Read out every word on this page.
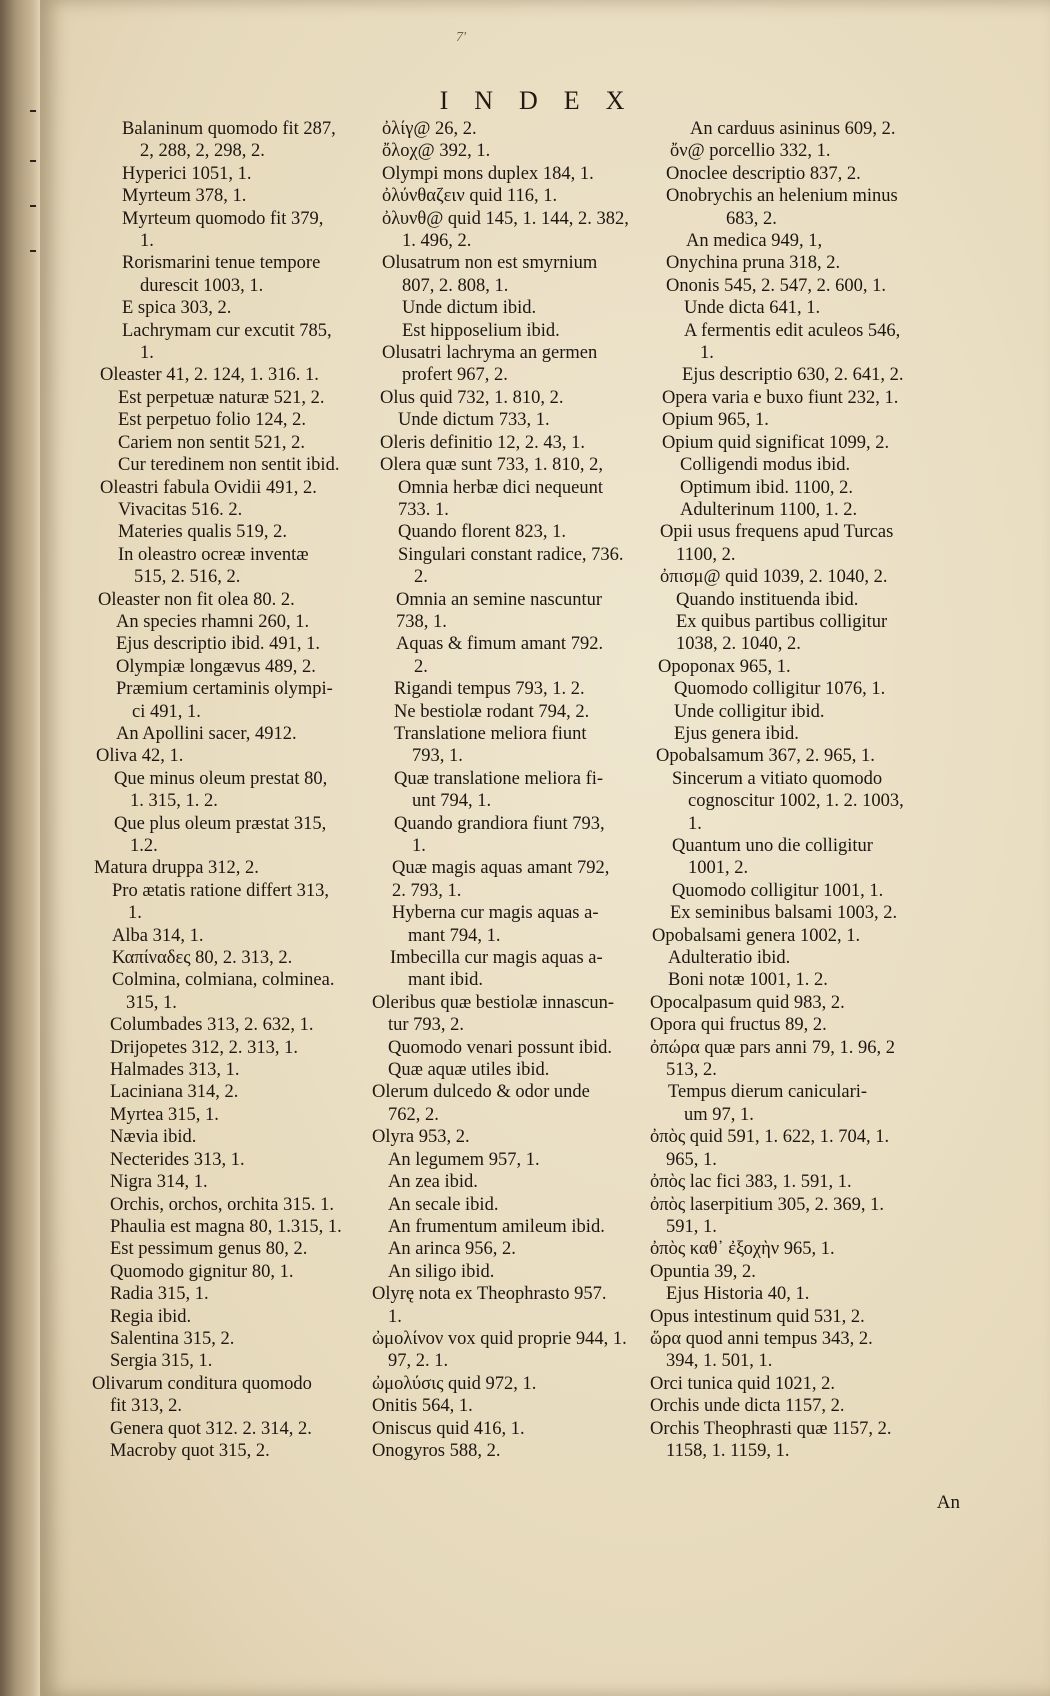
7'
INDEX
Balaninum quomodo fit 287,
2, 288, 2, 298, 2.
Hyperici 1051, 1.
Myrteum 378, 1.
Myrteum quomodo fit 379,
1.
Rorismarini tenue tempore
durescit 1003, 1.
E spica 303, 2.
Lachrymam cur excutit 785,
1.
Oleaster 41, 2. 124, 1. 316. 1.
Est perpetuæ naturæ 521, 2.
Est perpetuo folio 124, 2.
Cariem non sentit 521, 2.
Cur teredinem non sentit ibid.
Oleastri fabula Ovidii 491, 2.
Vivacitas 516. 2.
Materies qualis 519, 2.
In oleastro ocreæ inventæ
515, 2. 516, 2.
Oleaster non fit olea 80. 2.
An species rhamni 260, 1.
Ejus descriptio ibid. 491, 1.
Olympiæ longævus 489, 2.
Præmium certaminis olympi-
ci 491, 1.
An Apollini sacer, 4912.
Oliva 42, 1.
Que minus oleum prestat 80,
1. 315, 1. 2.
Que plus oleum præstat 315,
1.2.
Matura druppa 312, 2.
Pro ætatis ratione differt 313,
1.
Alba 314, 1.
Καπίναδες 80, 2. 313, 2.
Colmina, colmiana, colminea.
315, 1.
Columbades 313, 2. 632, 1.
Drijopetes 312, 2. 313, 1.
Halmades 313, 1.
Laciniana 314, 2.
Myrtea 315, 1.
Nævia ibid.
Necterides 313, 1.
Nigra 314, 1.
Orchis, orchos, orchita 315. 1.
Phaulia est magna 80, 1.315, 1.
Est pessimum genus 80, 2.
Quomodo gignitur 80, 1.
Radia 315, 1.
Regia ibid.
Salentina 315, 2.
Sergia 315, 1.
Olivarum conditura quomodo
fit 313, 2.
Genera quot 312. 2. 314, 2.
Macroby quot 315, 2.
ὀλίγ@ 26, 2.
ὄλοχ@ 392, 1.
Olympi mons duplex 184, 1.
ὀλύνθαζειν quid 116, 1.
ὀλυνθ@ quid 145, 1. 144, 2. 382,
1. 496, 2.
Olusatrum non est smyrnium
807, 2. 808, 1.
Unde dictum ibid.
Est hipposelium ibid.
Olusatri lachryma an germen
profert 967, 2.
Olus quid 732, 1. 810, 2.
Unde dictum 733, 1.
Oleris definitio 12, 2. 43, 1.
Olera quæ sunt 733, 1. 810, 2,
Omnia herbæ dici nequeunt
733. 1.
Quando florent 823, 1.
Singulari constant radice, 736.
2.
Omnia an semine nascuntur
738, 1.
Aquas & fimum amant 792.
2.
Rigandi tempus 793, 1. 2.
Ne bestiolæ rodant 794, 2.
Translatione meliora fiunt
793, 1.
Quæ translatione meliora fi-
unt 794, 1.
Quando grandiora fiunt 793,
1.
Quæ magis aquas amant 792,
2. 793, 1.
Hyberna cur magis aquas a-
mant 794, 1.
Imbecilla cur magis aquas a-
mant ibid.
Oleribus quæ bestiolæ innascun-
tur 793, 2.
Quomodo venari possunt ibid.
Quæ aquæ utiles ibid.
Olerum dulcedo & odor unde
762, 2.
Olyra 953, 2.
An legumem 957, 1.
An zea ibid.
An secale ibid.
An frumentum amileum ibid.
An arinca 956, 2.
An siligo ibid.
Olyrę nota ex Theophrasto 957.
1.
ὠμολίνον vox quid proprie 944, 1.
97, 2. 1.
ὠμολύσις quid 972, 1.
Onitis 564, 1.
Oniscus quid 416, 1.
Onogyros 588, 2.
An carduus asininus 609, 2.
ὄν@ porcellio 332, 1.
Onoclee descriptio 837, 2.
Onobrychis an helenium minus
683, 2.
An medica 949, 1,
Onychina pruna 318, 2.
Ononis 545, 2. 547, 2. 600, 1.
Unde dicta 641, 1.
A fermentis edit aculeos 546,
1.
Ejus descriptio 630, 2. 641, 2.
Opera varia e buxo fiunt 232, 1.
Opium 965, 1.
Opium quid significat 1099, 2.
Colligendi modus ibid.
Optimum ibid. 1100, 2.
Adulterinum 1100, 1. 2.
Opii usus frequens apud Turcas
1100, 2.
ὀπισμ@ quid 1039, 2. 1040, 2.
Quando instituenda ibid.
Ex quibus partibus colligitur
1038, 2. 1040, 2.
Opoponax 965, 1.
Quomodo colligitur 1076, 1.
Unde colligitur ibid.
Ejus genera ibid.
Opobalsamum 367, 2. 965, 1.
Sincerum a vitiato quomodo
cognoscitur 1002, 1. 2. 1003,
1.
Quantum uno die colligitur
1001, 2.
Quomodo colligitur 1001, 1.
Ex seminibus balsami 1003, 2.
Opobalsami genera 1002, 1.
Adulteratio ibid.
Boni notæ 1001, 1. 2.
Opocalpasum quid 983, 2.
Opora qui fructus 89, 2.
ὀπώρα quæ pars anni 79, 1. 96, 2
513, 2.
Tempus dierum caniculari-
um 97, 1.
ὀπὸς quid 591, 1. 622, 1. 704, 1.
965, 1.
ὀπὸς lac fici 383, 1. 591, 1.
ὀπὸς laserpitium 305, 2. 369, 1.
591, 1.
ὀπὸς καθ᾽ ἐξοχὴν 965, 1.
Opuntia 39, 2.
Ejus Historia 40, 1.
Opus intestinum quid 531, 2.
ὥρα quod anni tempus 343, 2.
394, 1. 501, 1.
Orci tunica quid 1021, 2.
Orchis unde dicta 1157, 2.
Orchis Theophrasti quæ 1157, 2.
1158, 1. 1159, 1.
An
